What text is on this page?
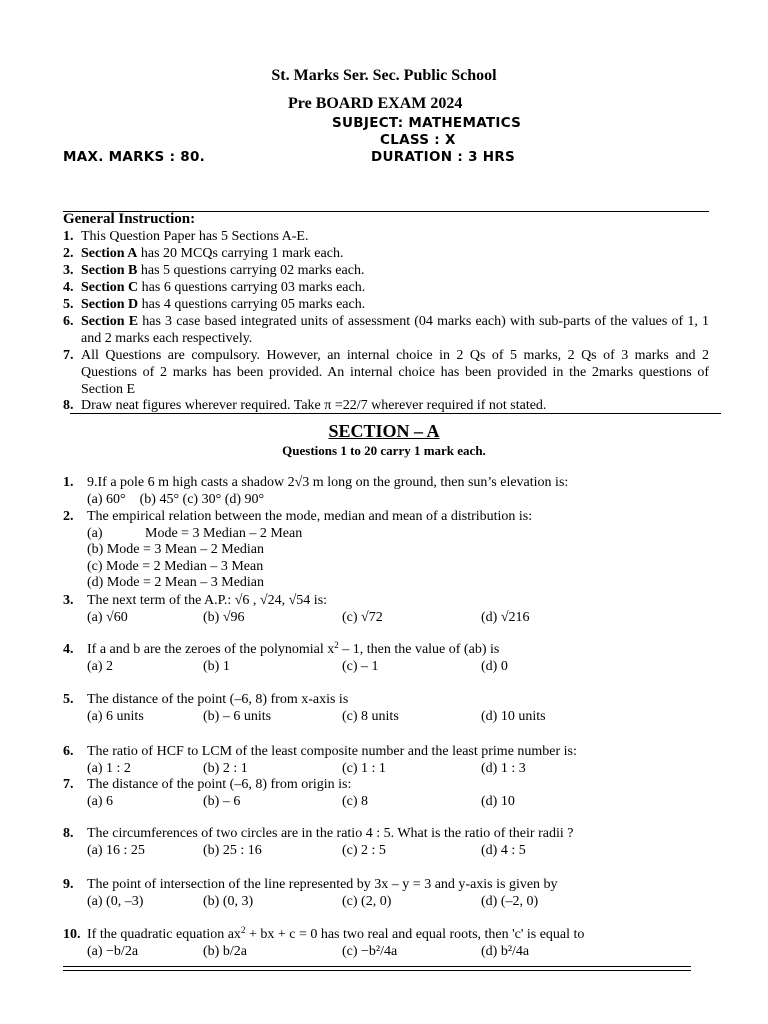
St. Marks Ser. Sec. Public School
Pre BOARD EXAM 2024
SUBJECT: MATHEMATICS
CLASS : X
MAX. MARKS : 80.	DURATION : 3 HRS
General Instruction:
1. This Question Paper has 5 Sections A-E.
2. Section A has 20 MCQs carrying 1 mark each.
3. Section B has 5 questions carrying 02 marks each.
4. Section C has 6 questions carrying 03 marks each.
5. Section D has 4 questions carrying 05 marks each.
6. Section E has 3 case based integrated units of assessment (04 marks each) with sub-parts of the values of 1, 1 and 2 marks each respectively.
7. All Questions are compulsory. However, an internal choice in 2 Qs of 5 marks, 2 Qs of 3 marks and 2 Questions of 2 marks has been provided. An internal choice has been provided in the 2marks questions of Section E
8. Draw neat figures wherever required. Take π =22/7 wherever required if not stated.
SECTION – A
Questions 1 to 20 carry 1 mark each.
1. 9.If a pole 6 m high casts a shadow 2√3 m long on the ground, then sun’s elevation is:
(a) 60°    (b) 45° (c) 30° (d) 90°
2. The empirical relation between the mode, median and mean of a distribution is:
(a)	Mode = 3 Median – 2 Mean
(b) Mode = 3 Mean – 2 Median
(c) Mode = 2 Median – 3 Mean
(d) Mode = 2 Mean – 3 Median
3. The next term of the A.P.: √6 , √24, √54 is:
(a) √60	(b) √96	(c) √72	(d) √216
4. If a and b are the zeroes of the polynomial $x^2 - 1$, then the value of (ab) is
(a) 2	(b) 1	(c) – 1	(d) 0
5. The distance of the point (–6, 8) from x-axis is
(a) 6 units	(b) – 6 units	(c) 8 units	(d) 10 units
6. The ratio of HCF to LCM of the least composite number and the least prime number is:
(a) 1 : 2	(b) 2 : 1	(c) 1 : 1	(d) 1 : 3
7. The distance of the point (–6, 8) from origin is:
(a) 6	(b) – 6	(c) 8	(d) 10
8. The circumferences of two circles are in the ratio 4 : 5. What is the ratio of their radii ?
(a) 16 : 25	(b) 25 : 16	(c) 2 : 5	(d) 4 : 5
9. The point of intersection of the line represented by 3x – y = 3 and y-axis is given by
(a) (0, –3)	(b) (0, 3)	(c) (2, 0)	(d) (–2, 0)
10. If the quadratic equation $ax^2$ + bx + c = 0 has two real and equal roots, then 'c' is equal to
(a) −b/2a	(b) b/2a	(c) −b²/4a	(d) b²/4a
